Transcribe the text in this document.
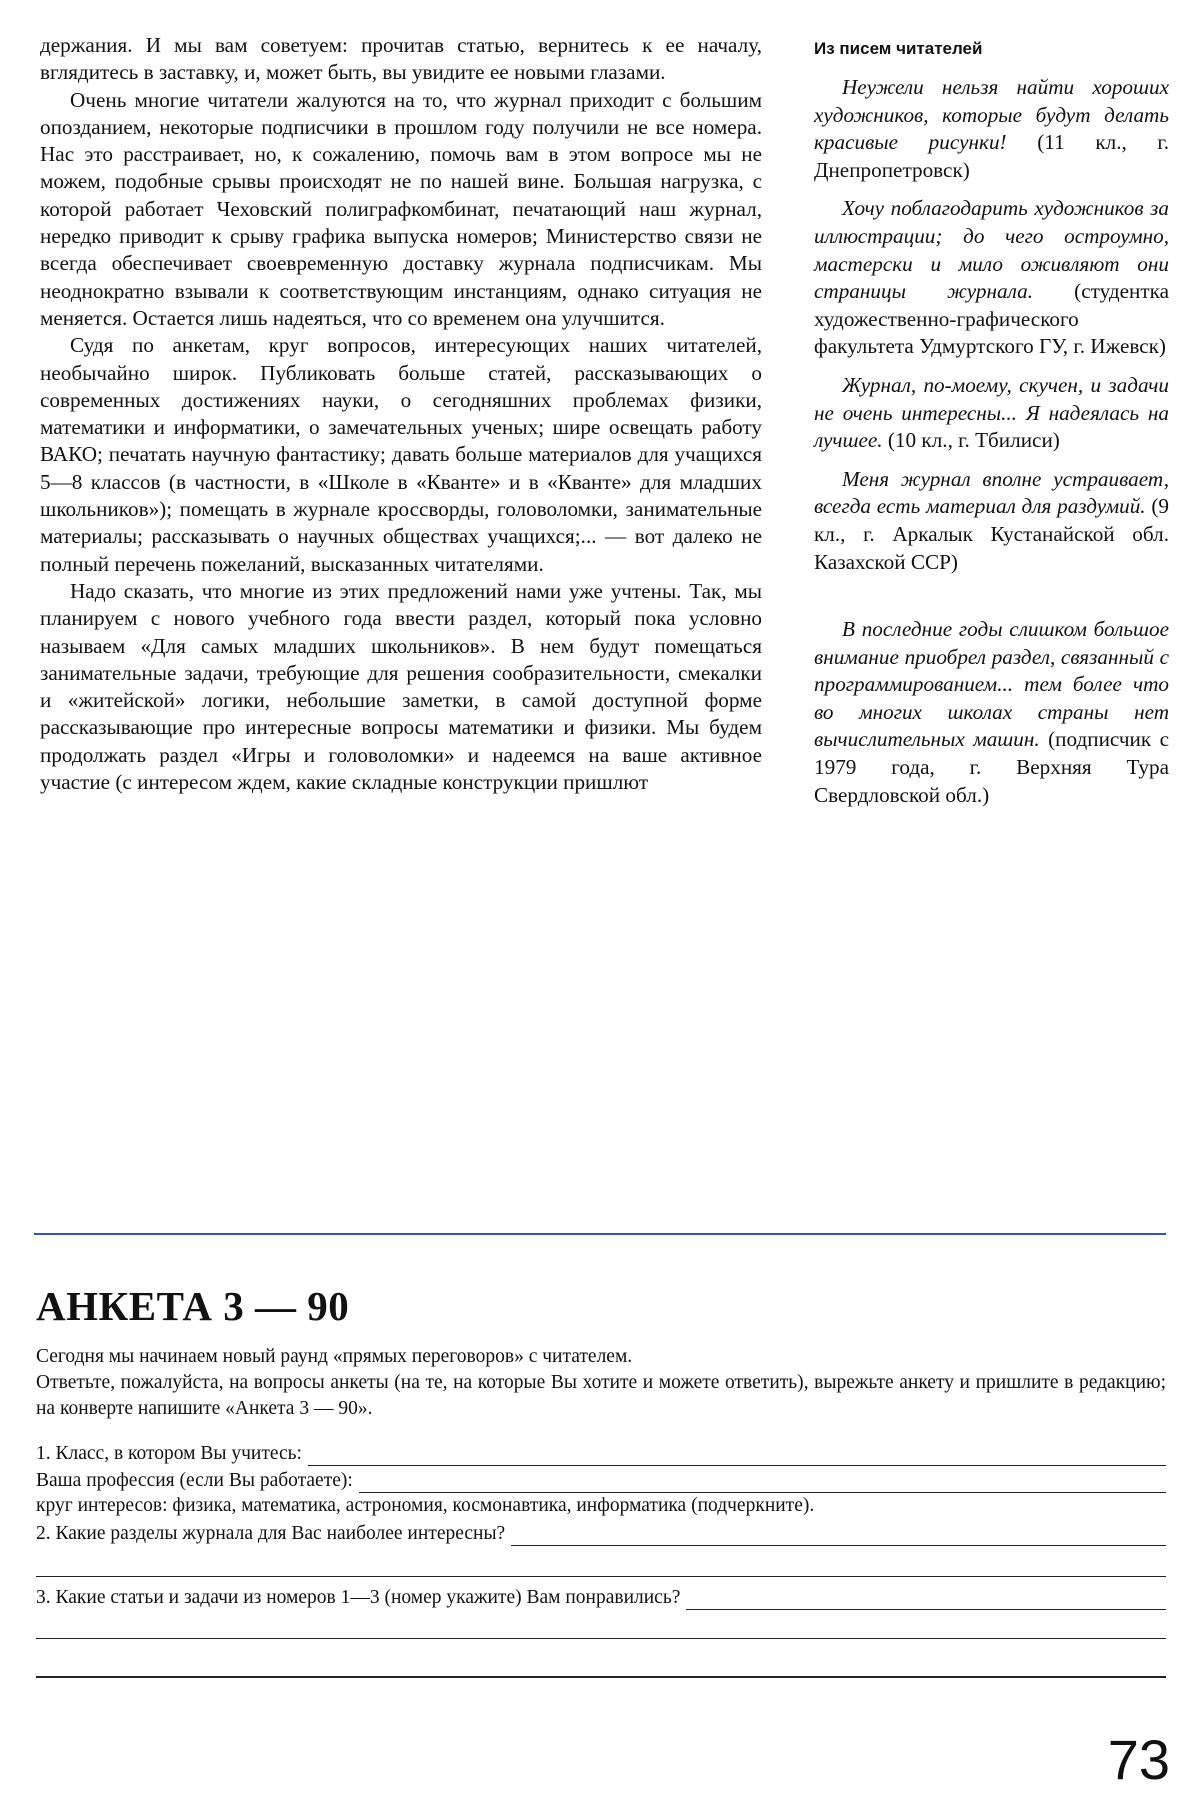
держания. И мы вам советуем: прочитав статью, вернитесь к ее началу, вглядитесь в заставку, и, может быть, вы увидите ее новыми глазами.

Очень многие читатели жалуются на то, что журнал приходит с большим опозданием, некоторые подписчики в прошлом году получили не все номера. Нас это расстраивает, но, к сожалению, помочь вам в этом вопросе мы не можем, подобные срывы происходят не по нашей вине. Большая нагрузка, с которой работает Чеховский полиграфкомбинат, печатающий наш журнал, нередко приводит к срыву графика выпуска номеров; Министерство связи не всегда обеспечивает своевременную доставку журнала подписчикам. Мы неоднократно взывали к соответствующим инстанциям, однако ситуация не меняется. Остается лишь надеяться, что со временем она улучшится.

Судя по анкетам, круг вопросов, интересующих наших читателей, необычайно широк. Публиковать больше статей, рассказывающих о современных достижениях науки, о сегодняшних проблемах физики, математики и информатики, о замечательных ученых; шире освещать работу ВАКО; печатать научную фантастику; давать больше материалов для учащихся 5—8 классов (в частности, в «Школе в «Кванте» и в «Кванте» для младших школьников»); помещать в журнале кроссворды, головоломки, занимательные материалы; рассказывать о научных обществах учащихся;... — вот далеко не полный перечень пожеланий, высказанных читателями.

Надо сказать, что многие из этих предложений нами уже учтены. Так, мы планируем с нового учебного года ввести раздел, который пока условно называем «Для самых младших школьников». В нем будут помещаться занимательные задачи, требующие для решения сообразительности, смекалки и «житейской» логики, небольшие заметки, в самой доступной форме рассказывающие про интересные вопросы математики и физики. Мы будем продолжать раздел «Игры и головоломки» и надеемся на ваше активное участие (с интересом ждем, какие складные конструкции пришлют

Из писем читателей

Неужели нельзя найти хороших художников, которые будут делать красивые рисунки! (11 кл., г. Днепропетровск)

Хочу поблагодарить художников за иллюстрации; до чего остроумно, мастерски и мило оживляют они страницы журнала. (студентка художественно-графического факультета Удмуртского ГУ, г. Ижевск)

Журнал, по-моему, скучен, и задачи не очень интересны... Я надеялась на лучшее. (10 кл., г. Тбилиси)

Меня журнал вполне устраивает, всегда есть материал для раздумий. (9 кл., г. Аркалык Кустанайской обл. Казахской ССР)

В последние годы слишком большое внимание приобрел раздел, связанный с программированием... тем более что во многих школах страны нет вычислительных машин. (подписчик с 1979 года, г. Верхняя Тура Свердловской обл.)

АНКЕТА 3 — 90

Сегодня мы начинаем новый раунд «прямых переговоров» с читателем.

Ответьте, пожалуйста, на вопросы анкеты (на те, на которые Вы хотите и можете ответить), вырежьте анкету и пришлите в редакцию; на конверте напишите «Анкета 3 — 90».

1. Класс, в котором Вы учитесь:
Ваша профессия (если Вы работаете):
круг интересов: физика, математика, астрономия, космонавтика, информатика (подчеркните).
2. Какие разделы журнала для Вас наиболее интересны?
3. Какие статьи и задачи из номеров 1—3 (номер укажите) Вам понравились?
73
